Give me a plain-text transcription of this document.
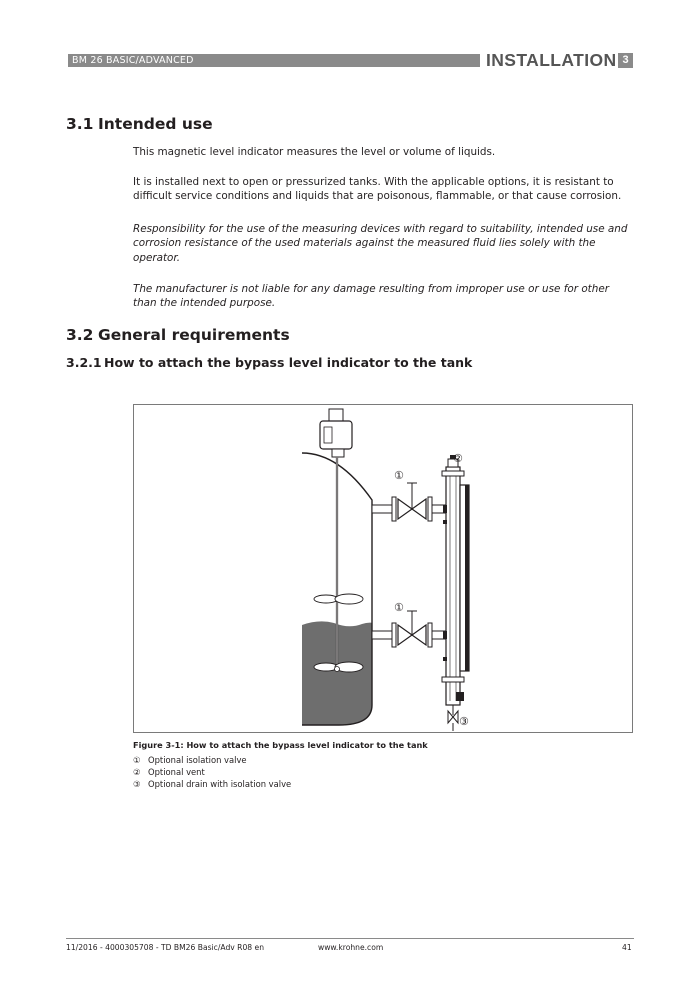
BM 26 BASIC/ADVANCED	INSTALLATION 3
3.1 Intended use
This magnetic level indicator measures the level or volume of liquids.
It is installed next to open or pressurized tanks. With the applicable options, it is resistant to difficult service conditions and liquids that are poisonous, flammable, or that cause corrosion.
Responsibility for the use of the measuring devices with regard to suitability, intended use and corrosion resistance of the used materials against the measured fluid lies solely with the operator.
The manufacturer is not liable for any damage resulting from improper use or use for other than the intended purpose.
3.2 General requirements
3.2.1 How to attach the bypass level indicator to the tank
①
①
②
③
Figure 3-1: How to attach the bypass level indicator to the tank
① Optional isolation valve
② Optional vent
③ Optional drain with isolation valve
11/2016 - 4000305708 - TD BM26 Basic/Adv R08 en	www.krohne.com	41
